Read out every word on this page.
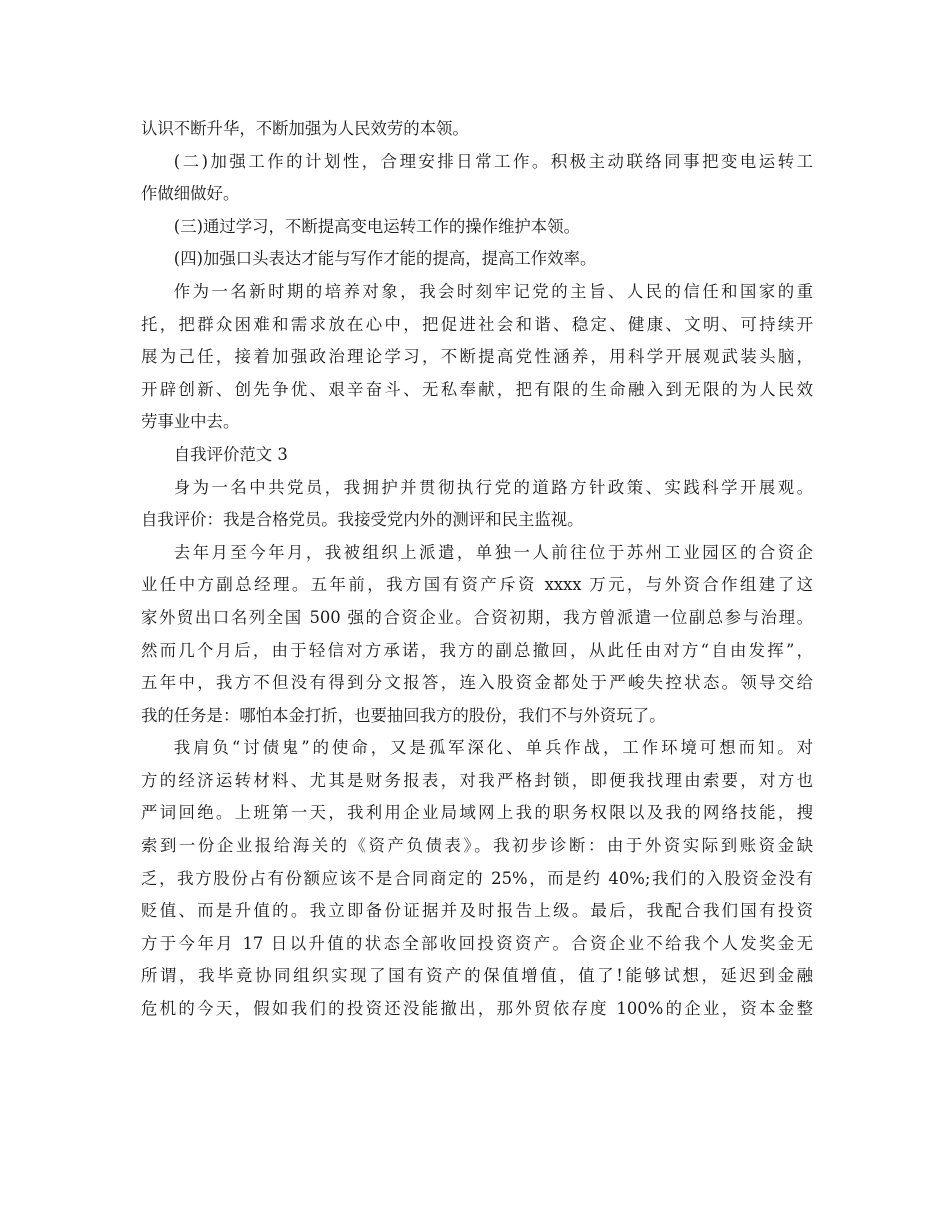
认识不断升华，不断加强为人民效劳的本领。
(二)加强工作的计划性，合理安排日常工作。积极主动联络同事把变电运转工
作做细做好。
(三)通过学习，不断提高变电运转工作的操作维护本领。
(四)加强口头表达才能与写作才能的提高，提高工作效率。
作为一名新时期的培养对象，我会时刻牢记党的主旨、人民的信任和国家的重
托，把群众困难和需求放在心中，把促进社会和谐、稳定、健康、文明、可持续开
展为己任，接着加强政治理论学习，不断提高党性涵养，用科学开展观武装头脑，
开辟创新、创先争优、艰辛奋斗、无私奉献，把有限的生命融入到无限的为人民效
劳事业中去。
自我评价范文 3
身为一名中共党员，我拥护并贯彻执行党的道路方针政策、实践科学开展观。
自我评价：我是合格党员。我接受党内外的测评和民主监视。
去年月至今年月，我被组织上派遣，单独一人前往位于苏州工业园区的合资企
业任中方副总经理。五年前，我方国有资产斥资 xxxx 万元，与外资合作组建了这
家外贸出口名列全国 500 强的合资企业。合资初期，我方曾派遣一位副总参与治理。
然而几个月后，由于轻信对方承诺，我方的副总撤回，从此任由对方“自由发挥”，
五年中，我方不但没有得到分文报答，连入股资金都处于严峻失控状态。领导交给
我的任务是：哪怕本金打折，也要抽回我方的股份，我们不与外资玩了。
我肩负“讨债鬼”的使命，又是孤军深化、单兵作战，工作环境可想而知。对
方的经济运转材料、尤其是财务报表，对我严格封锁，即便我找理由索要，对方也
严词回绝。上班第一天，我利用企业局域网上我的职务权限以及我的网络技能，搜
索到一份企业报给海关的《资产负债表》。我初步诊断：由于外资实际到账资金缺
乏，我方股份占有份额应该不是合同商定的 25%，而是约 40%;我们的入股资金没有
贬值、而是升值的。我立即备份证据并及时报告上级。最后，我配合我们国有投资
方于今年月 17 日以升值的状态全部收回投资资产。合资企业不给我个人发奖金无
所谓，我毕竟协同组织实现了国有资产的保值增值，值了!能够试想，延迟到金融
危机的今天，假如我们的投资还没能撤出，那外贸依存度 100%的企业，资本金整
